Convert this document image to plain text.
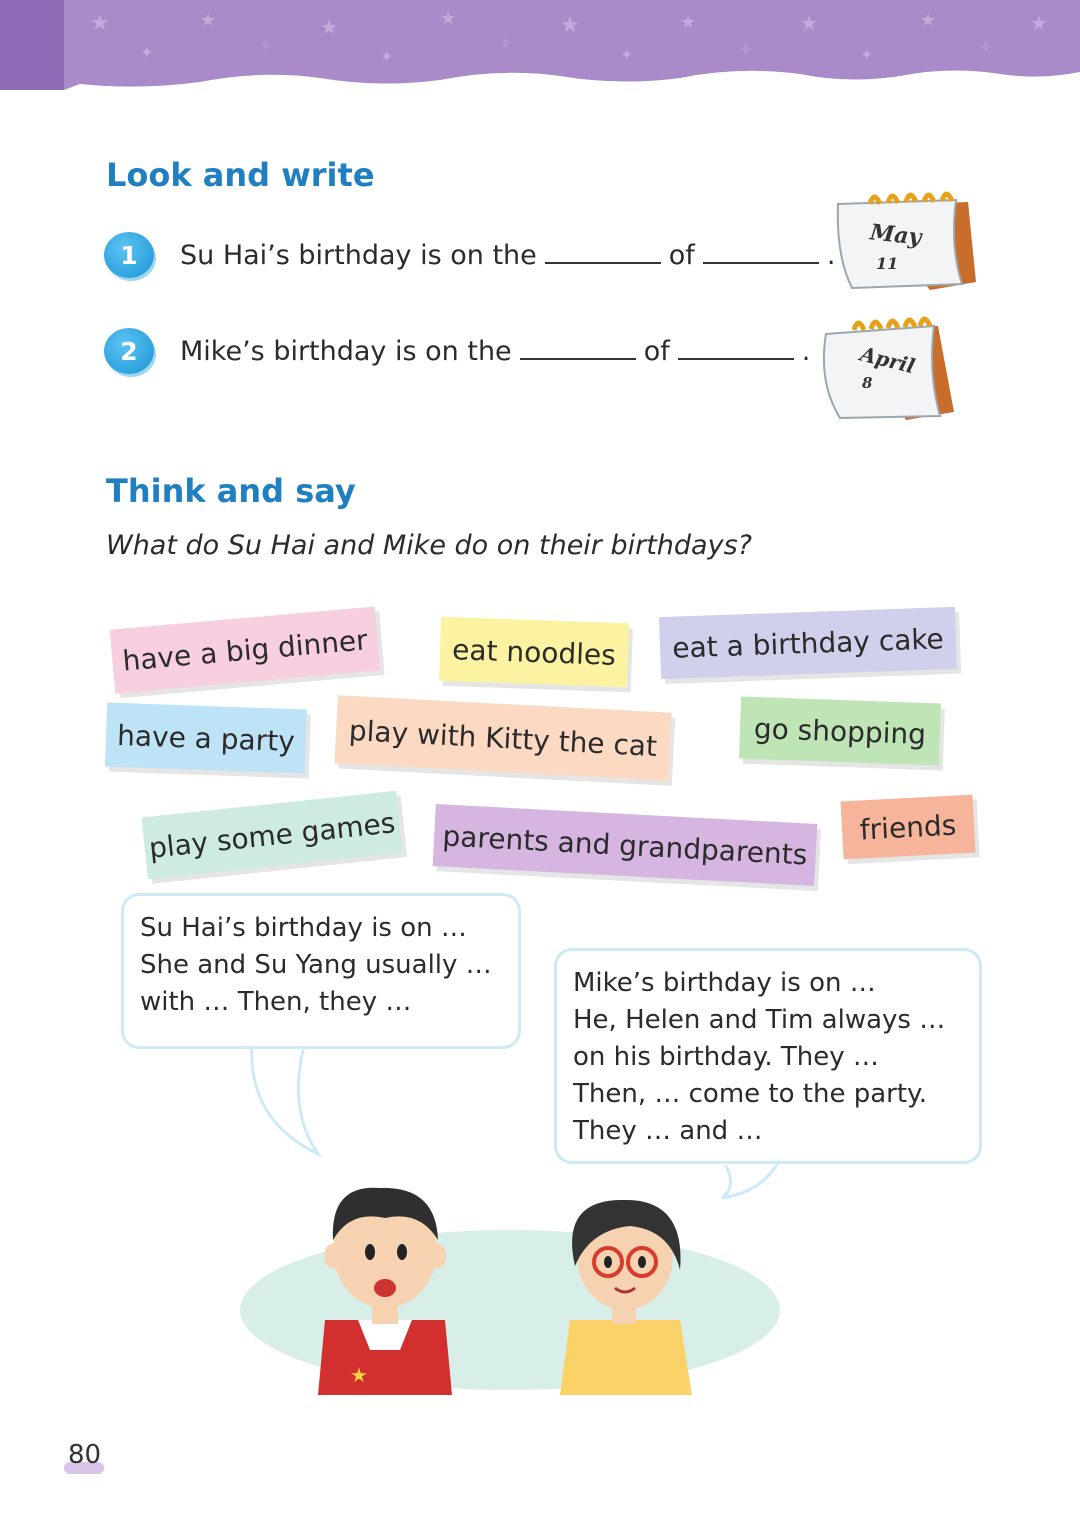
★
✦
★
✧
★
✦
★
✧
★
✦
★
✧
★
✦
★
✧
★
Look and write
1	Su Hai’s birthday is on the	of	.
2	Mike’s birthday is on the	of	.
May
11
April
8
Think and say
What do Su Hai and Mike do on their birthdays?
have a big dinner	eat noodles	eat a birthday cake
have a party	play with Kitty the cat	go shopping
play some games	parents and grandparents	friends

Su Hai’s birthday is on …

She and Su Yang usually …

with … Then, they …

Mike’s birthday is on …

He, Helen and Tim always …

on his birthday. They …

Then, … come to the party.

They … and …

★
80
